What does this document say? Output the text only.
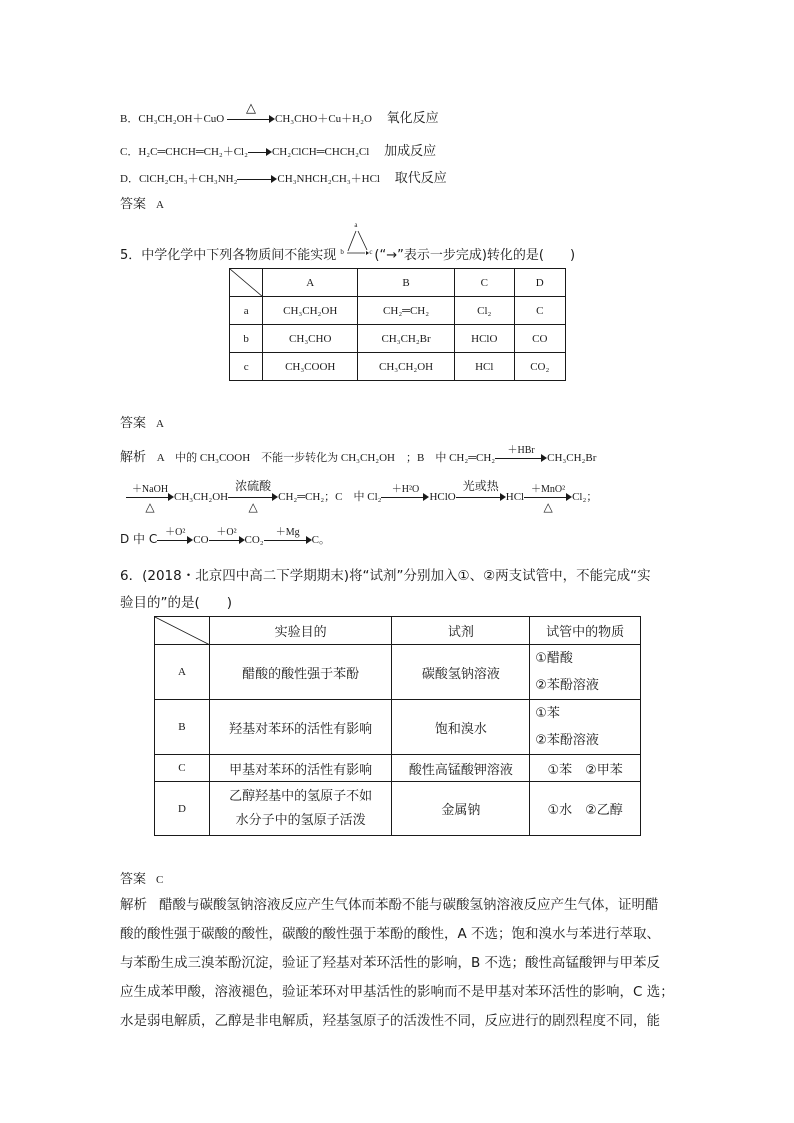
B．CH₃CH₂OH＋CuO
△
CH₃CHO＋Cu＋H₂O 氧化反应
C．H₂C═CHCH═CH₂＋Cl₂ CH₂ClCH═CHCH₂Cl 加成反应
D．ClCH₂CH₃＋CH₃NH₂	CH₃NHCH₂CH₃＋HCl 取代反应
答案 A
5．中学化学中下列各物质间不能实现
a
b	c (“→”表示一步完成)转化的是(　　)
	A	B	C	D
a	CH₃CH₂OH	CH₂═CH₂	Cl₂	C
b	CH₃CHO	CH₃CH₂Br	HClO	CO
c	CH₃COOH	CH₃CH₂OH	HCl	CO₂
答案 A
解析 A　中的 CH₃COOH　不能一步转化为 CH₃CH₂OH　；B　中 CH₂═CH₂
＋HBr
CH₃CH₂Br
＋NaOH
△
CH₃CH₂OH
浓硫酸
△
CH₂═CH₂；C　中 Cl₂
＋H²O
HClO
光或热
HCl
＋MnO²
△
Cl₂；
D 中 C ＋O²
CO
＋O²
CO₂
＋Mg
C。
6．(2018・北京四中高二下学期期末)将“试剂”分别加入①、②两支试管中，不能完成“实
验目的”的是(　　)
	实验目的	试剂	试管中的物质
A	醋酸的酸性强于苯酚	碳酸氢钠溶液	①醋酸
②苯酚溶液

B	羟基对苯环的活性有影响	饱和溴水	①苯
②苯酚溶液

C	甲基对苯环的活性有影响	酸性高锰酸钾溶液	①苯　②甲苯
D	乙醇羟基中的氢原子不如
水分子中的氢原子活泼	金属钠	①水　②乙醇
答案 C
解析 醋酸与碳酸氢钠溶液反应产生气体而苯酚不能与碳酸氢钠溶液反应产生气体，证明醋
酸的酸性强于碳酸的酸性，碳酸的酸性强于苯酚的酸性，A 不选；饱和溴水与苯进行萃取、
与苯酚生成三溴苯酚沉淀，验证了羟基对苯环活性的影响，B 不选；酸性高锰酸钾与甲苯反
应生成苯甲酸，溶液褪色，验证苯环对甲基活性的影响而不是甲基对苯环活性的影响，C 选；
水是弱电解质，乙醇是非电解质，羟基氢原子的活泼性不同，反应进行的剧烈程度不同，能
